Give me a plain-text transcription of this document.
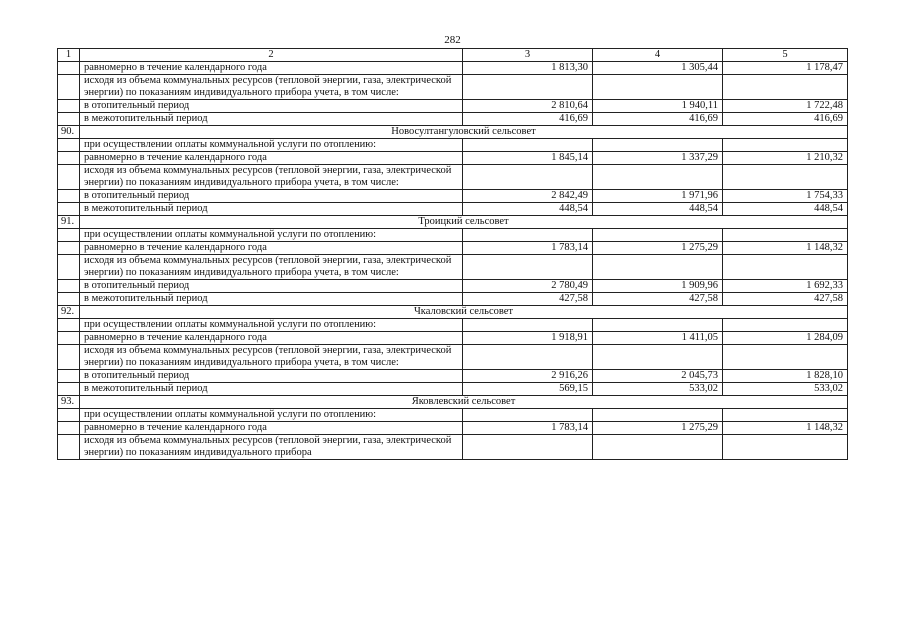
282
1	2	3	4	5
	равномерно в течение календарного года	1 813,30	1 305,44	1 178,47
	исходя из объема коммунальных ресурсов (тепловой энергии, газа, электрической энергии) по показаниям индивидуального прибора учета, в том числе:			
	в отопительный период	2 810,64	1 940,11	1 722,48
	в межотопительный период	416,69	416,69	416,69
90.	Новосултангуловский сельсовет			
	при осуществлении оплаты коммунальной услуги по отоплению:			
	равномерно в течение календарного года	1 845,14	1 337,29	1 210,32
	исходя из объема коммунальных ресурсов (тепловой энергии, газа, электрической энергии) по показаниям индивидуального прибора учета, в том числе:			
	в отопительный период	2 842,49	1 971,96	1 754,33
	в межотопительный период	448,54	448,54	448,54
91.	Троицкий сельсовет			
	при осуществлении оплаты коммунальной услуги по отоплению:			
	равномерно в течение календарного года	1 783,14	1 275,29	1 148,32
	исходя из объема коммунальных ресурсов (тепловой энергии, газа, электрической энергии) по показаниям индивидуального прибора учета, в том числе:			
	в отопительный период	2 780,49	1 909,96	1 692,33
	в межотопительный период	427,58	427,58	427,58
92.	Чкаловский сельсовет			
	при осуществлении оплаты коммунальной услуги по отоплению:			
	равномерно в течение календарного года	1 918,91	1 411,05	1 284,09
	исходя из объема коммунальных ресурсов (тепловой энергии, газа, электрической энергии) по показаниям индивидуального прибора учета, в том числе:			
	в отопительный период	2 916,26	2 045,73	1 828,10
	в межотопительный период	569,15	533,02	533,02
93.	Яковлевский сельсовет			
	при осуществлении оплаты коммунальной услуги по отоплению:			
	равномерно в течение календарного года	1 783,14	1 275,29	1 148,32
	исходя из объема коммунальных ресурсов (тепловой энергии, газа, электрической энергии) по показаниям индивидуального прибора			
